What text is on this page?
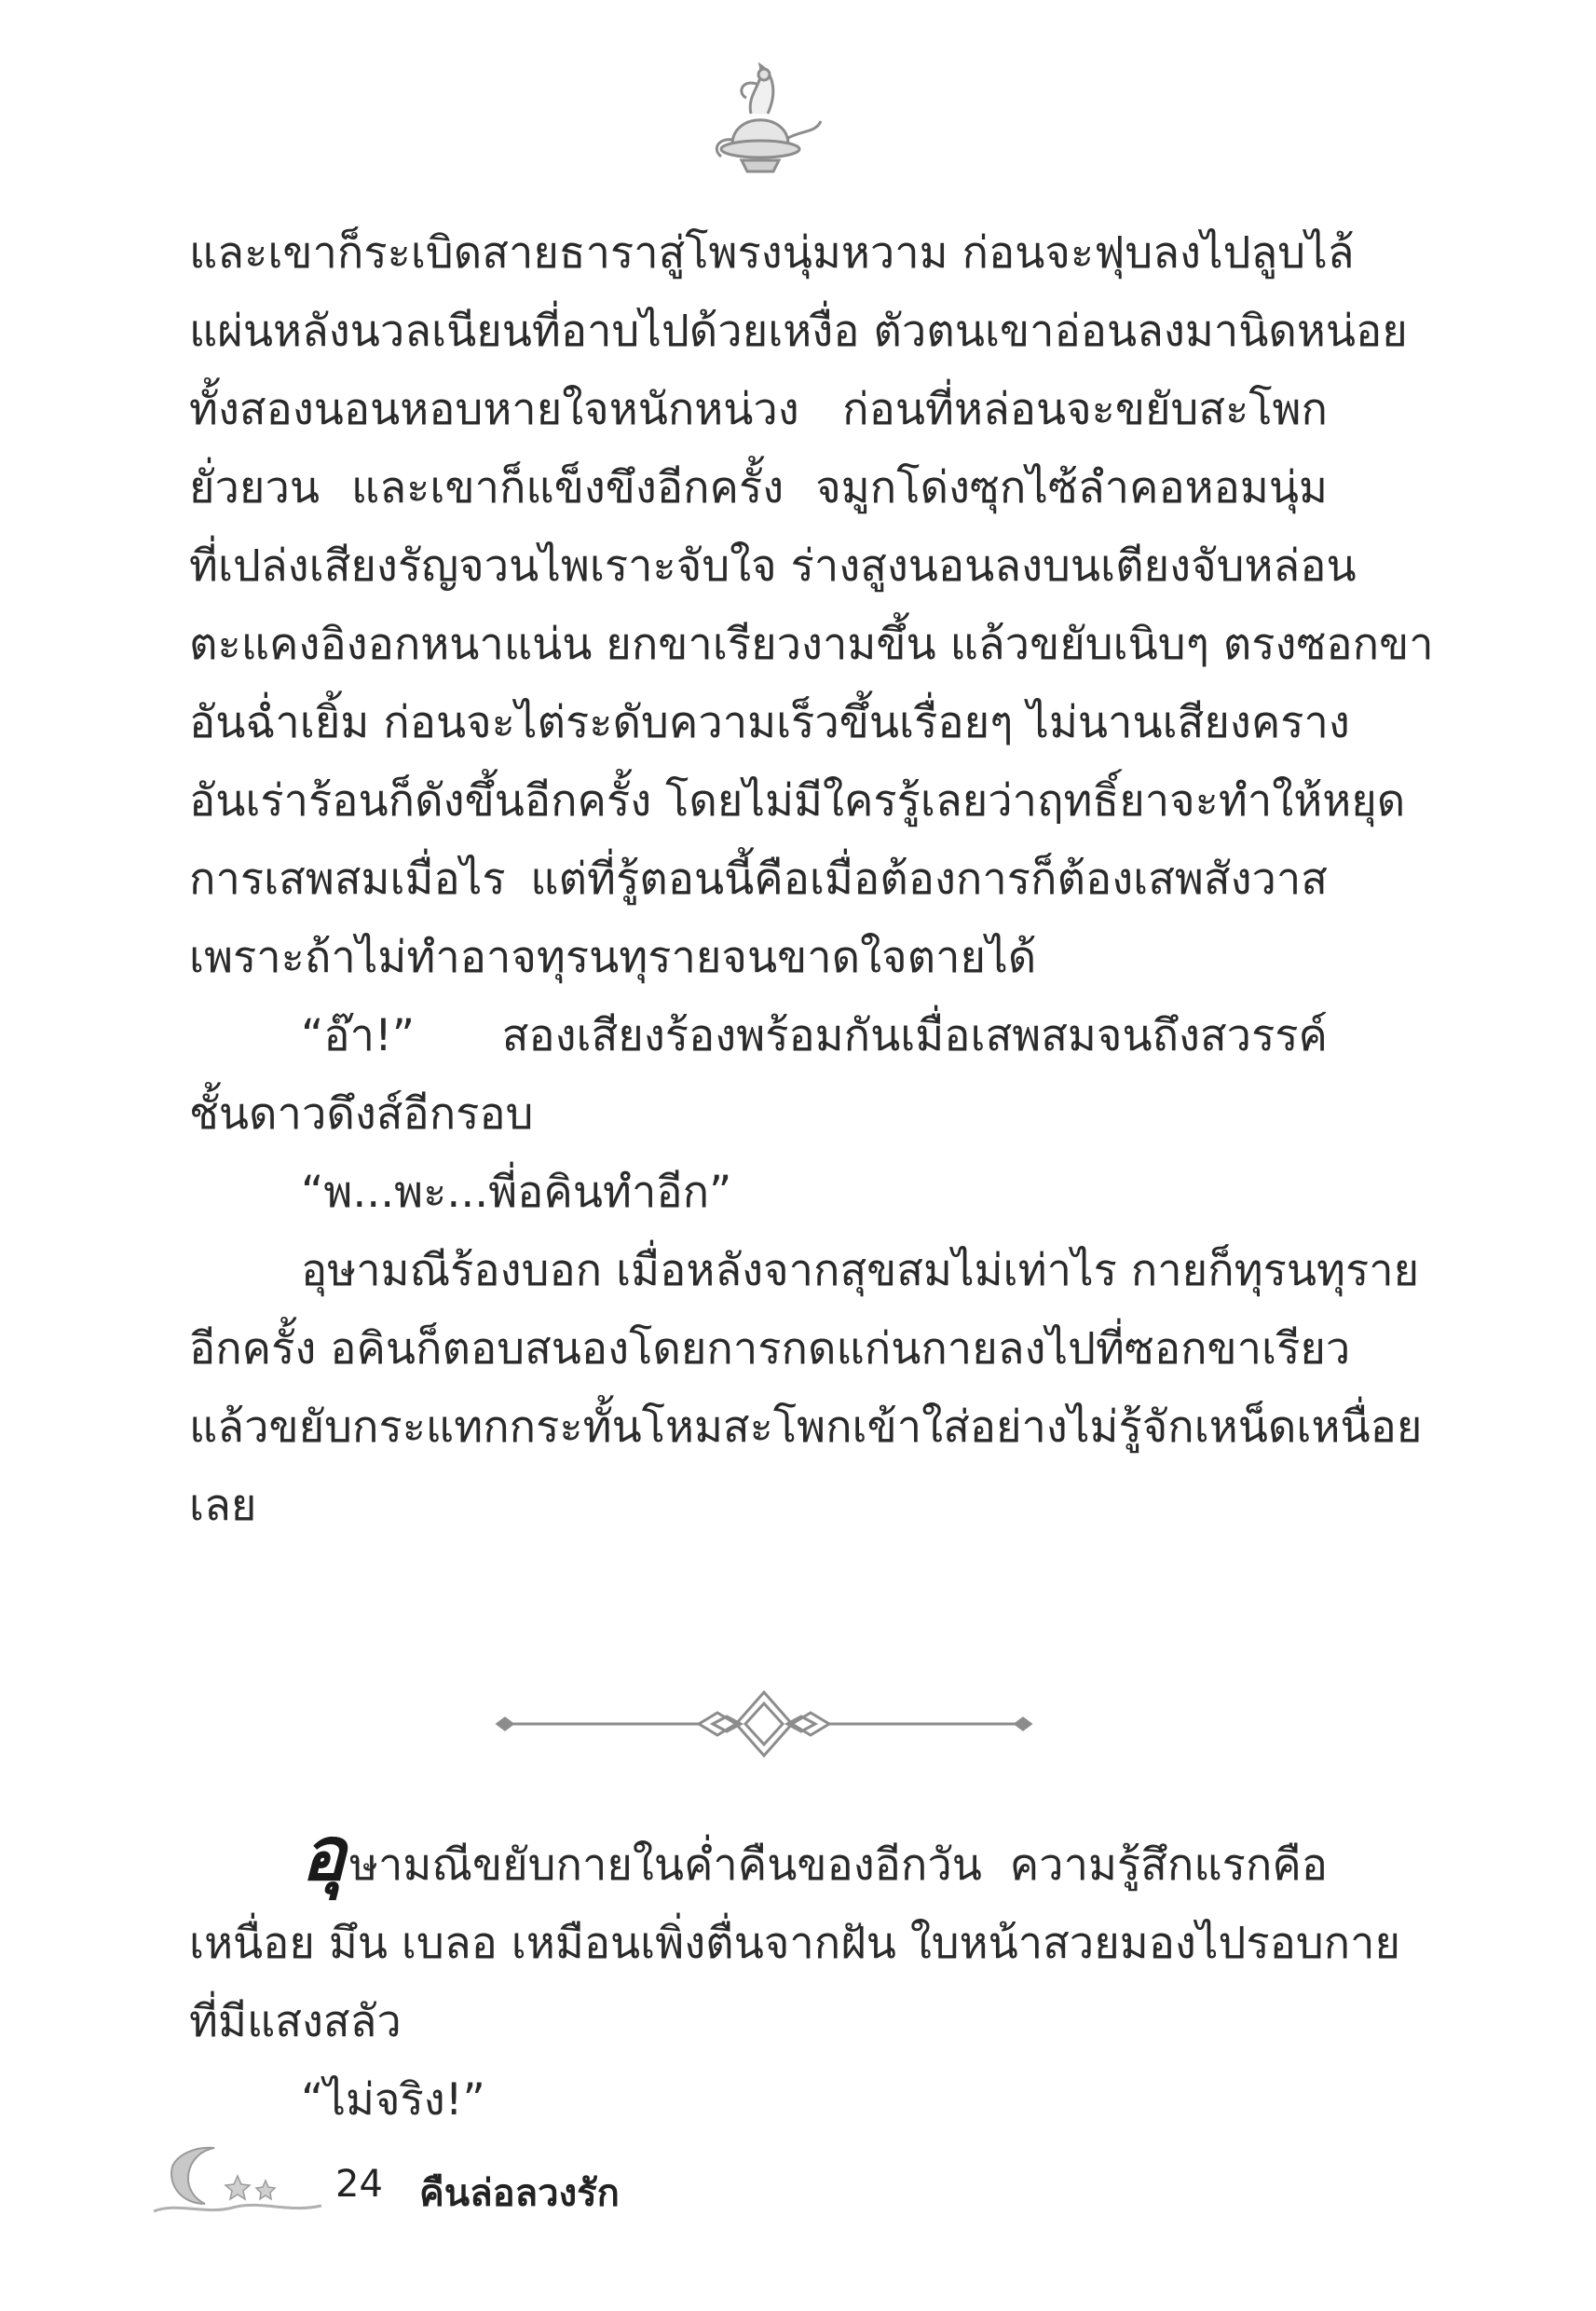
และเขาก็ระเบิดสายธาราสู่โพรงนุ่มหวาม ก่อนจะฟุบลงไปลูบไล้
แผ่นหลังนวลเนียนที่อาบไปด้วยเหงื่อ ตัวตนเขาอ่อนลงมานิดหน่อย
ทั้งสองนอนหอบหายใจหนักหน่วง ก่อนที่หล่อนจะขยับสะโพก
ยั่วยวน และเขาก็แข็งขึงอีกครั้ง จมูกโด่งซุกไซ้ลำคอหอมนุ่ม
ที่เปล่งเสียงรัญจวนไพเราะจับใจ ร่างสูงนอนลงบนเตียงจับหล่อน
ตะแคงอิงอกหนาแน่น ยกขาเรียวงามขึ้น แล้วขยับเนิบๆ ตรงซอกขา
อันฉ่ำเยิ้ม ก่อนจะไต่ระดับความเร็วขึ้นเรื่อยๆ ไม่นานเสียงคราง
อันเร่าร้อนก็ดังขึ้นอีกครั้ง โดยไม่มีใครรู้เลยว่าฤทธิ์ยาจะทำให้หยุด
การเสพสมเมื่อไร แต่ที่รู้ตอนนี้คือเมื่อต้องการก็ต้องเสพสังวาส
เพราะถ้าไม่ทำอาจทุรนทุรายจนขาดใจตายได้
“อ๊า!” สองเสียงร้องพร้อมกันเมื่อเสพสมจนถึงสวรรค์
ชั้นดาวดึงส์อีกรอบ
“พ...พะ...พี่อคินทำอีก”
อุษามณีร้องบอก เมื่อหลังจากสุขสมไม่เท่าไร กายก็ทุรนทุราย
อีกครั้ง อคินก็ตอบสนองโดยการกดแก่นกายลงไปที่ซอกขาเรียว
แล้วขยับกระแทกกระทั้นโหมสะโพกเข้าใส่อย่างไม่รู้จักเหน็ดเหนื่อย
เลย
อุษามณีขยับกายในค่ำคืนของอีกวัน ความรู้สึกแรกคือ
เหนื่อย มึน เบลอ เหมือนเพิ่งตื่นจากฝัน ใบหน้าสวยมองไปรอบกาย
ที่มีแสงสลัว
“ไม่จริง!”
24 คืนล่อลวงรัก
